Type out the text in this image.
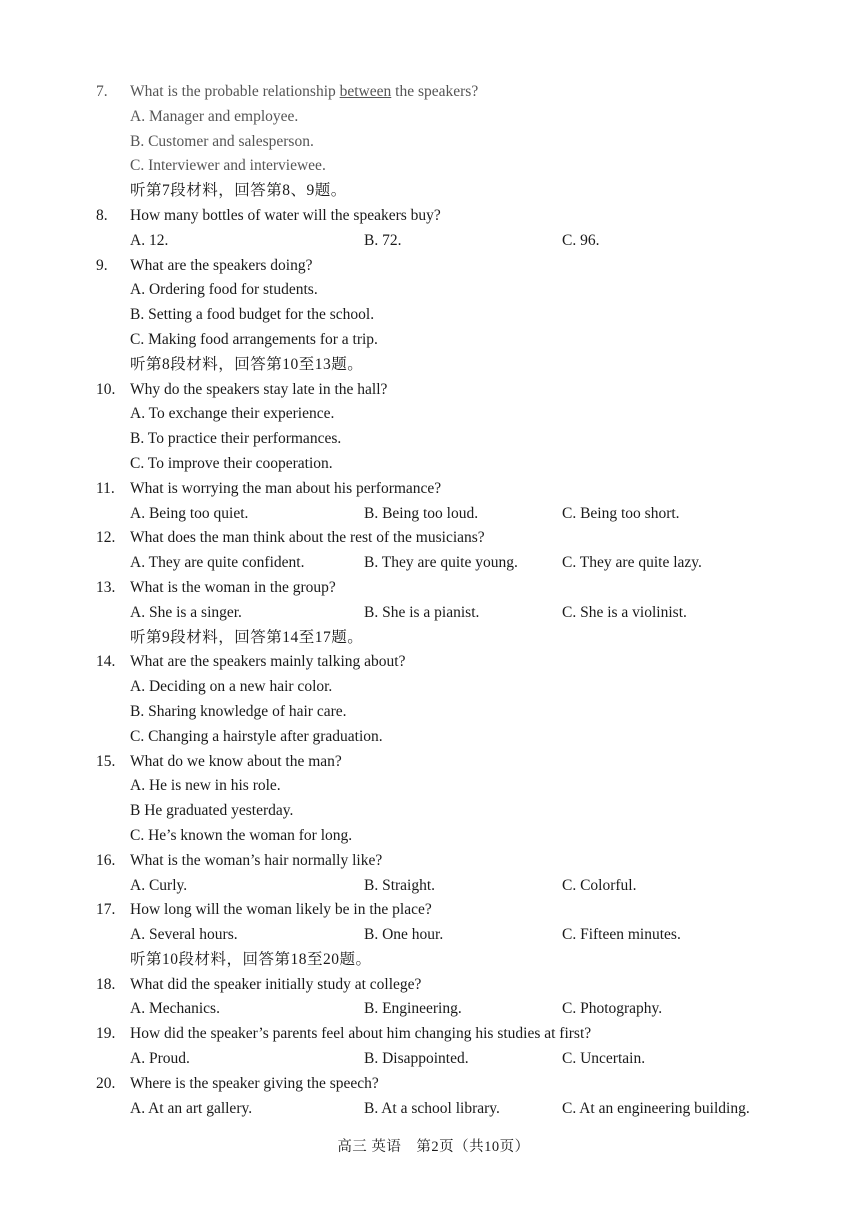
7.	What is the probable relationship between the speakers?
A. Manager and employee.
B. Customer and salesperson.
C. Interviewer and interviewee.
听第7段材料，回答第8、9题。
8.	How many bottles of water will the speakers buy?
A. 12.	B. 72.	C. 96.
9.	What are the speakers doing?
A. Ordering food for students.
B. Setting a food budget for the school.
C. Making food arrangements for a trip.
听第8段材料，回答第10至13题。
10. Why do the speakers stay late in the hall?
A. To exchange their experience.
B. To practice their performances.
C. To improve their cooperation.
11. What is worrying the man about his performance?
A. Being too quiet.	B. Being too loud.	C. Being too short.
12. What does the man think about the rest of the musicians?
A. They are quite confident.	B. They are quite young.	C. They are quite lazy.
13. What is the woman in the group?
A. She is a singer.	B. She is a pianist.	C. She is a violinist.
听第9段材料，回答第14至17题。
14. What are the speakers mainly talking about?
A. Deciding on a new hair color.
B. Sharing knowledge of hair care.
C. Changing a hairstyle after graduation.
15. What do we know about the man?
A. He is new in his role.
B He graduated yesterday.
C. He’s known the woman for long.
16. What is the woman’s hair normally like?
A. Curly.	B. Straight.	C. Colorful.
17. How long will the woman likely be in the place?
A. Several hours.	B. One hour.	C. Fifteen minutes.
听第10段材料，回答第18至20题。
18. What did the speaker initially study at college?
A. Mechanics.	B. Engineering.	C. Photography.
19. How did the speaker’s parents feel about him changing his studies at first?
A. Proud.	B. Disappointed.	C. Uncertain.
20. Where is the speaker giving the speech?
A. At an art gallery.	B. At a school library.	C. At an engineering building.
高三 英语　第2页（共10页）
